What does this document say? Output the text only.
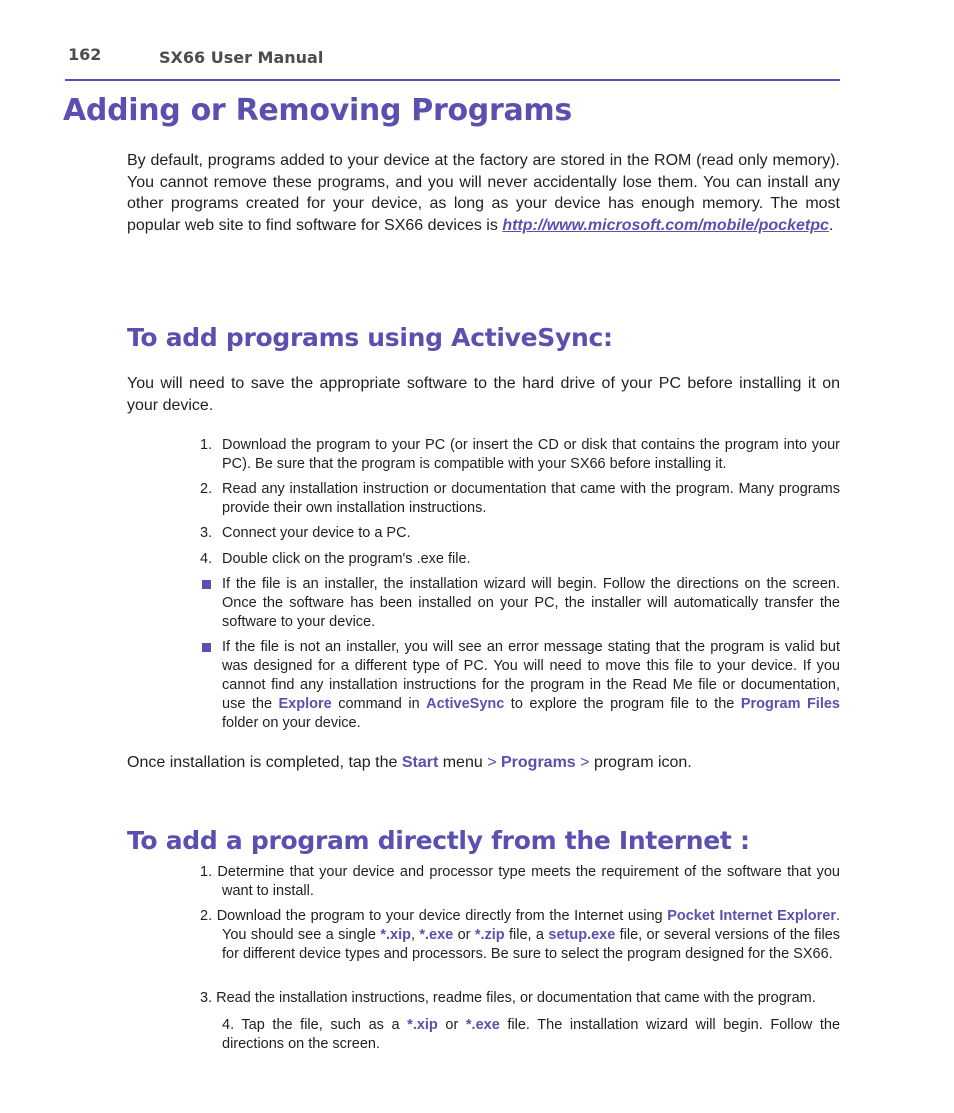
162	SX66 User Manual
Adding or Removing Programs

By default, programs added to your device at the factory are stored in the ROM (read only memory). You cannot remove these programs, and you will never accidentally lose them. You can install any other programs created for your device, as long as your device has enough memory. The most popular web site to find software for SX66 devices is http://www.microsoft.com/mobile/pocketpc.

To add programs using ActiveSync:

You will need to save the appropriate software to the hard drive of your PC before installing it on your device.

1. Download the program to your PC (or insert the CD or disk that contains the program into your PC). Be sure that the program is compatible with your SX66 before installing it.
2. Read any installation instruction or documentation that came with the program. Many programs provide their own installation instructions.
3. Connect your device to a PC.
4. Double click on the program's .exe file.
If the file is an installer, the installation wizard will begin. Follow the directions on the screen. Once the software has been installed on your PC, the installer will automatically transfer the software to your device.
If the file is not an installer, you will see an error message stating that the program is valid but was designed for a different type of PC. You will need to move this file to your device. If you cannot find any installation instructions for the program in the Read Me file or documentation, use the Explore command in ActiveSync to explore the program file to the Program Files folder on your device.

Once installation is completed, tap the Start menu > Programs > program icon.

To add a program directly from the Internet :
1. Determine that your device and processor type meets the requirement of the software that you want to install.
2. Download the program to your device directly from the Internet using Pocket Internet Explorer. You should see a single *.xip, *.exe or *.zip file, a setup.exe file, or several versions of the files for different device types and processors. Be sure to select the program designed for the SX66.
3. Read the installation instructions, readme files, or documentation that came with the program.
4. Tap the file, such as a *.xip or *.exe file. The installation wizard will begin. Follow the directions on the screen.
